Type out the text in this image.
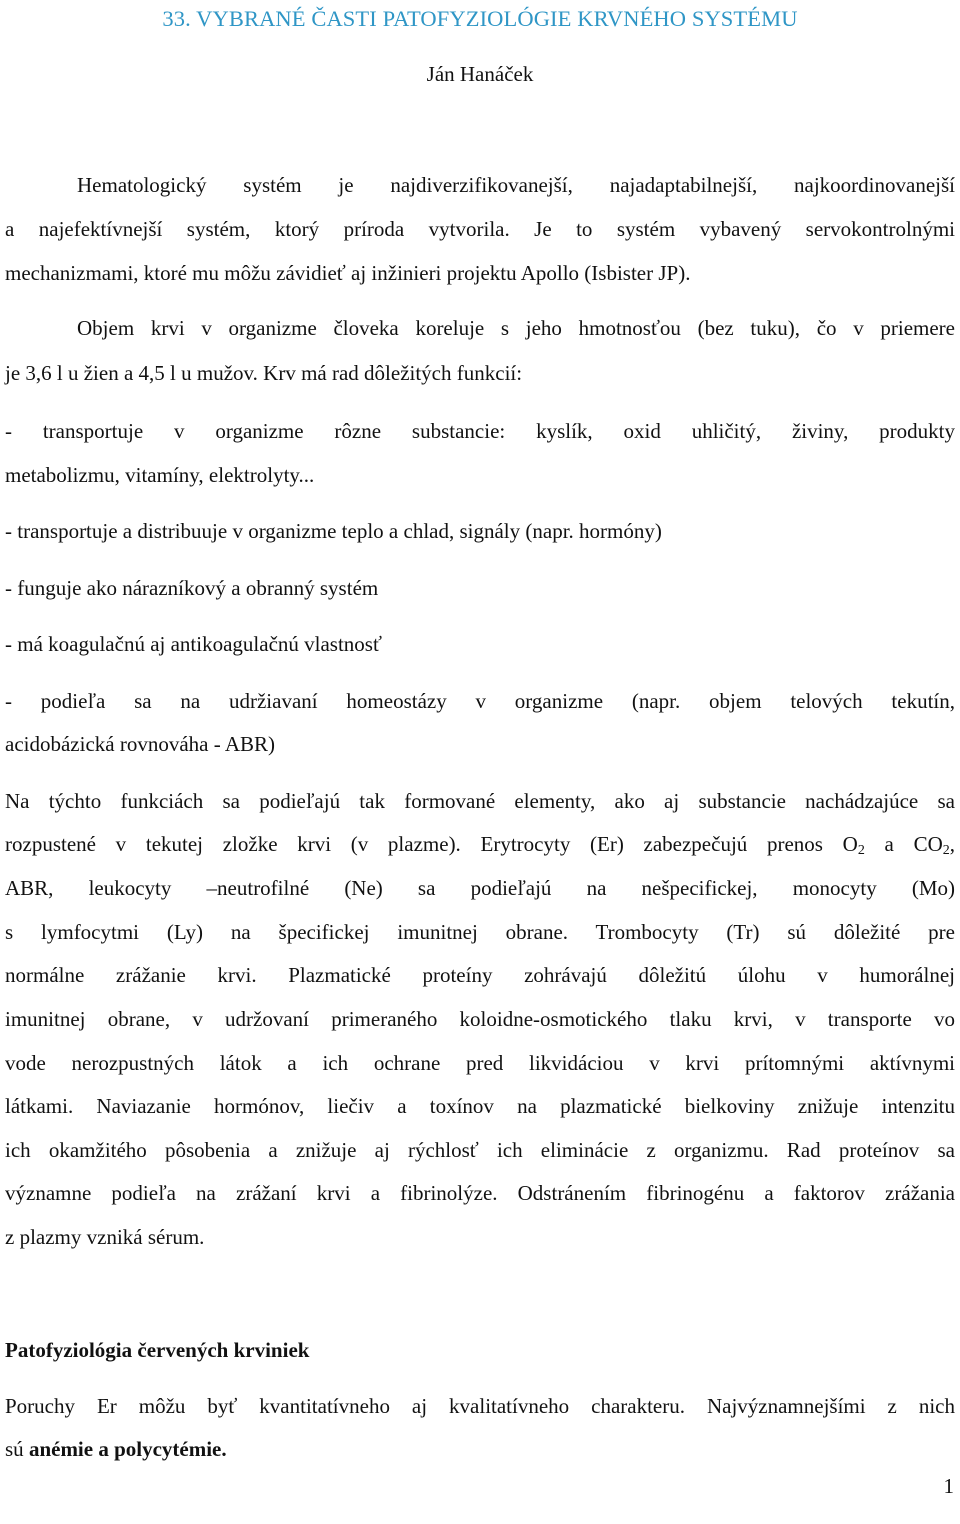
33. VYBRANÉ ČASTI PATOFYZIOLÓGIE KRVNÉHO SYSTÉMU
Ján Hanáček
Hematologický systém je najdiverzifikovanejší, najadaptabilnejší, najkoordinovanejší
a najefektívnejší systém, ktorý príroda vytvorila. Je to systém vybavený servokontrolnými
mechanizmami, ktoré mu môžu závidieť aj inžinieri projektu Apollo (Isbister JP).
Objem krvi v organizme človeka koreluje s jeho hmotnosťou (bez tuku), čo v priemere
je 3,6 l u žien a 4,5 l u mužov. Krv má rad dôležitých funkcií:
- transportuje v organizme rôzne substancie: kyslík, oxid uhličitý, živiny, produkty
metabolizmu, vitamíny, elektrolyty...
- transportuje a distribuuje v organizme teplo a chlad, signály (napr. hormóny)
- funguje ako nárazníkový a obranný systém
- má koagulačnú aj antikoagulačnú vlastnosť
- podieľa sa na udržiavaní homeostázy v organizme (napr. objem telových tekutín,
acidobázická rovnováha - ABR)
Na týchto funkciách sa podieľajú tak formované elementy, ako aj substancie nachádzajúce sa
rozpustené v tekutej zložke krvi (v plazme). Erytrocyty (Er) zabezpečujú prenos $O_2$ a $CO_2$,
ABR, leukocyty –neutrofilné (Ne) sa podieľajú na nešpecifickej, monocyty (Mo)
s lymfocytmi (Ly) na špecifickej imunitnej obrane. Trombocyty (Tr) sú dôležité pre
normálne zrážanie krvi. Plazmatické proteíny zohrávajú dôležitú úlohu v humorálnej
imunitnej obrane, v udržovaní primeraného koloidne-osmotického tlaku krvi, v transporte vo
vode nerozpustných látok a ich ochrane pred likvidáciou v krvi prítomnými aktívnymi
látkami. Naviazanie hormónov, liečiv a toxínov na plazmatické bielkoviny znižuje intenzitu
ich okamžitého pôsobenia a znižuje aj rýchlosť ich eliminácie z organizmu. Rad proteínov sa
významne podieľa na zrážaní krvi a fibrinolýze. Odstránením fibrinogénu a faktorov zrážania
z plazmy vzniká sérum.
Patofyziológia červených krviniek
Poruchy Er môžu byť kvantitatívneho aj kvalitatívneho charakteru. Najvýznamnejšími z nich
sú anémie a polycytémie.
1
